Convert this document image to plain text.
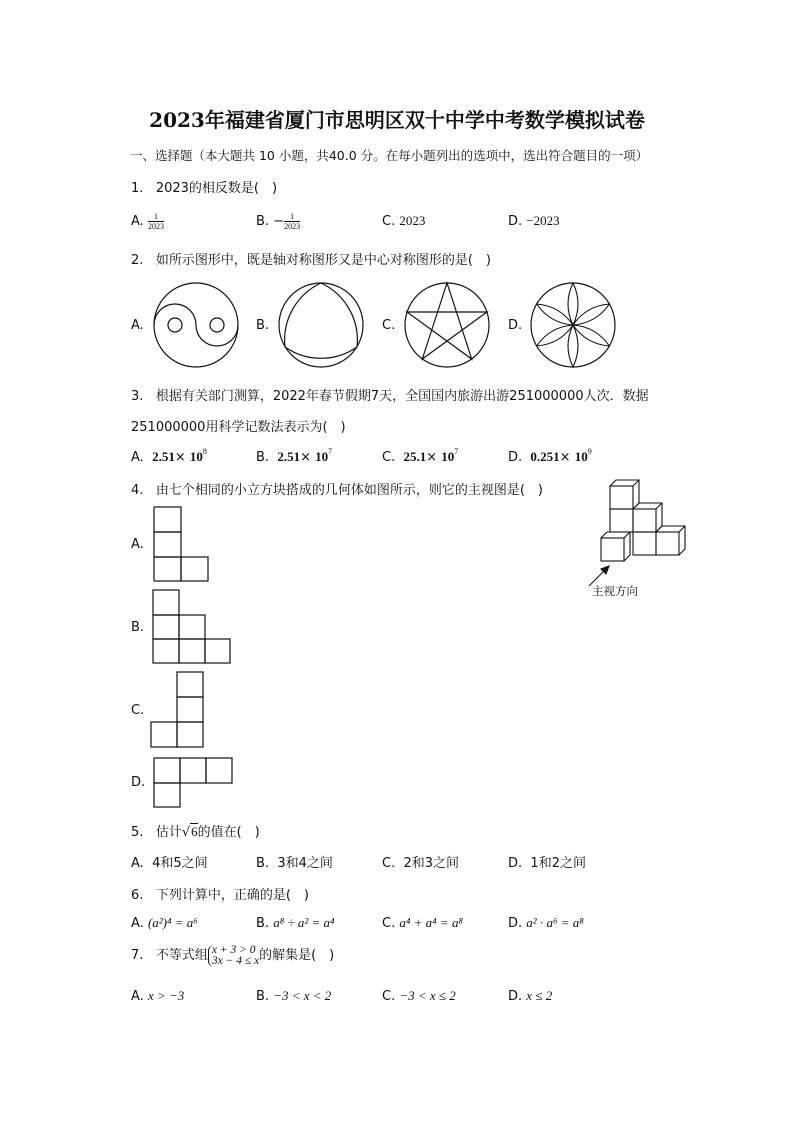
2023年福建省厦门市思明区双十中学中考数学模拟试卷
一、选择题（本大题共 10 小题，共40.0 分。在每小题列出的选项中，选出符合题目的一项）
1. 2023的相反数是(　)
A. $\frac{1}{2023}$	B. − $\frac{1}{2023}$	C. 2023	D. −2023
2. 如所示图形中，既是轴对称图形又是中心对称图形的是(　)
A.	B.	C.	D.
3. 根据有关部门测算，2022年春节假期7天，全国国内旅游出游251000000人次．数据
251000000用科学记数法表示为(　)
A. $2.51\times 10^8$	B. $2.51\times 10^7$	C. $25.1\times 10^7$	D. $0.251\times 10^9$
4. 由七个相同的小立方块搭成的几何体如图所示，则它的主视图是(　)
主视方向
A.
B.
C.
D.
5. 估计√6的值在(　)
A. 4和5之间	B. 3和4之间	C. 2和3之间	D. 1和2之间
6. 下列计算中，正确的是(　)
A. (a²)⁴ = a⁶	B. a⁸ ÷ a² = a⁴	C. a⁴ + a⁴ = a⁸	D. a² · a⁶ = a⁸
7. 不等式组 x + 3 > 0
3x − 4 ≤ x 的解集是(　)
A. x > −3	B. −3 < x < 2	C. −3 < x ≤ 2	D. x ≤ 2
